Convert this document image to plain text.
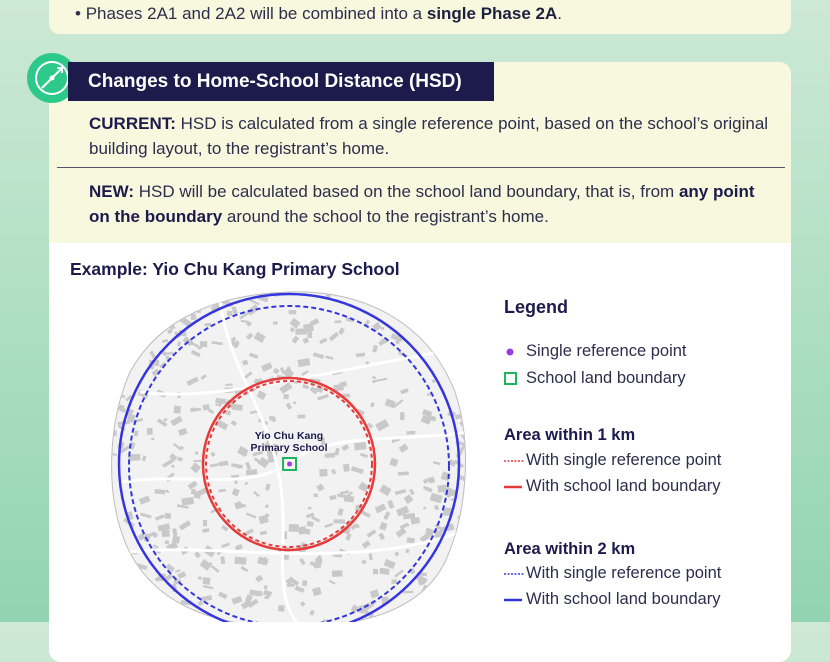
• Phases 2A1 and 2A2 will be combined into a single Phase 2A.
Changes to Home-School Distance (HSD)
CURRENT: HSD is calculated from a single reference point, based on the school’s original building layout, to the registrant’s home.
NEW: HSD will be calculated based on the school land boundary, that is, from any point on the boundary around the school to the registrant’s home.
Example: Yio Chu Kang Primary School
Yio Chu Kang
Primary School
Legend
Single reference point
School land boundary
Area within 1 km
With single reference point
With school land boundary
Area within 2 km
With single reference point
With school land boundary
